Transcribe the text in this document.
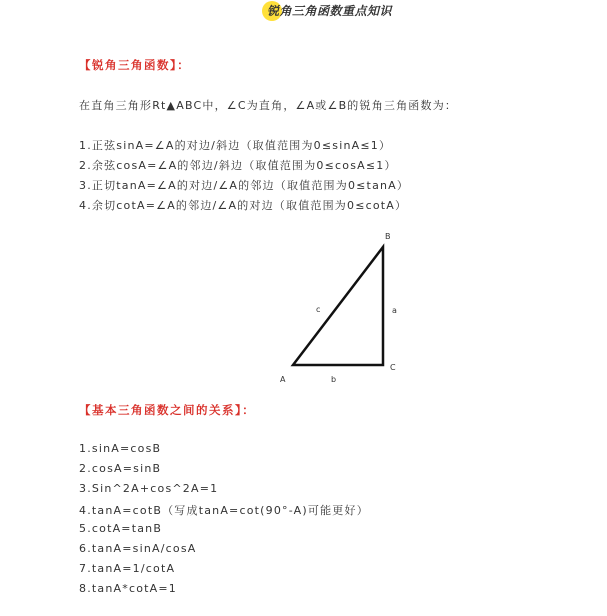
锐角三角函数重点知识
【锐角三角函数】：
在直角三角形Rt▲ABC中，∠C为直角，∠A或∠B的锐角三角函数为：
1.正弦sinA=∠A的对边/斜边（取值范围为0≤sinA≤1）
2.余弦cosA=∠A的邻边/斜边（取值范围为0≤cosA≤1）
3.正切tanA=∠A的对边/∠A的邻边（取值范围为0≤tanA）
4.余切cotA=∠A的邻边/∠A的对边（取值范围为0≤cotA）
B
C
A
a
b
c
【基本三角函数之间的关系】：
1.sinA=cosB
2.cosA=sinB
3.Sin^2A+cos^2A=1
4.tanA=cotB（写成tanA=cot(90°-A)可能更好）
5.cotA=tanB
6.tanA=sinA/cosA
7.tanA=1/cotA
8.tanA*cotA=1
